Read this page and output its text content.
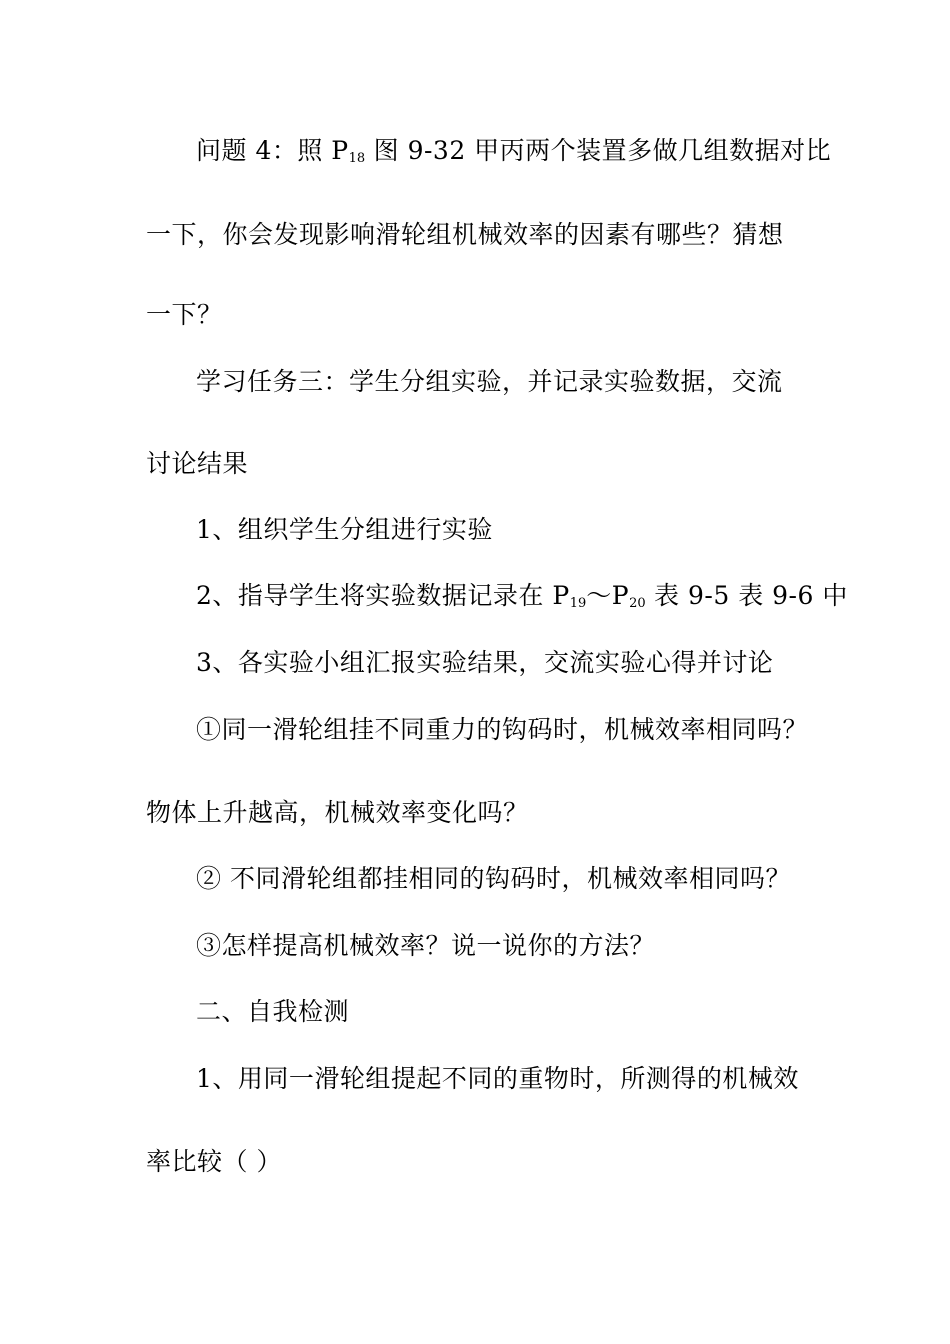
问题 4：照 $P_{18}$ 图 9-32 甲丙两个装置多做几组数据对比
一下，你会发现影响滑轮组机械效率的因素有哪些？猜想
一下？
学习任务三：学生分组实验，并记录实验数据，交流
讨论结果
1、组织学生分组进行实验
2、指导学生将实验数据记录在 $P_{19}\sim P_{20}$ 表 9-5 表 9-6 中
3、各实验小组汇报实验结果，交流实验心得并讨论
①同一滑轮组挂不同重力的钩码时，机械效率相同吗？
物体上升越高，机械效率变化吗？
② 不同滑轮组都挂相同的钩码时，机械效率相同吗？
③怎样提高机械效率？说一说你的方法？
二、自我检测
1、用同一滑轮组提起不同的重物时，所测得的机械效
率比较（ ）
